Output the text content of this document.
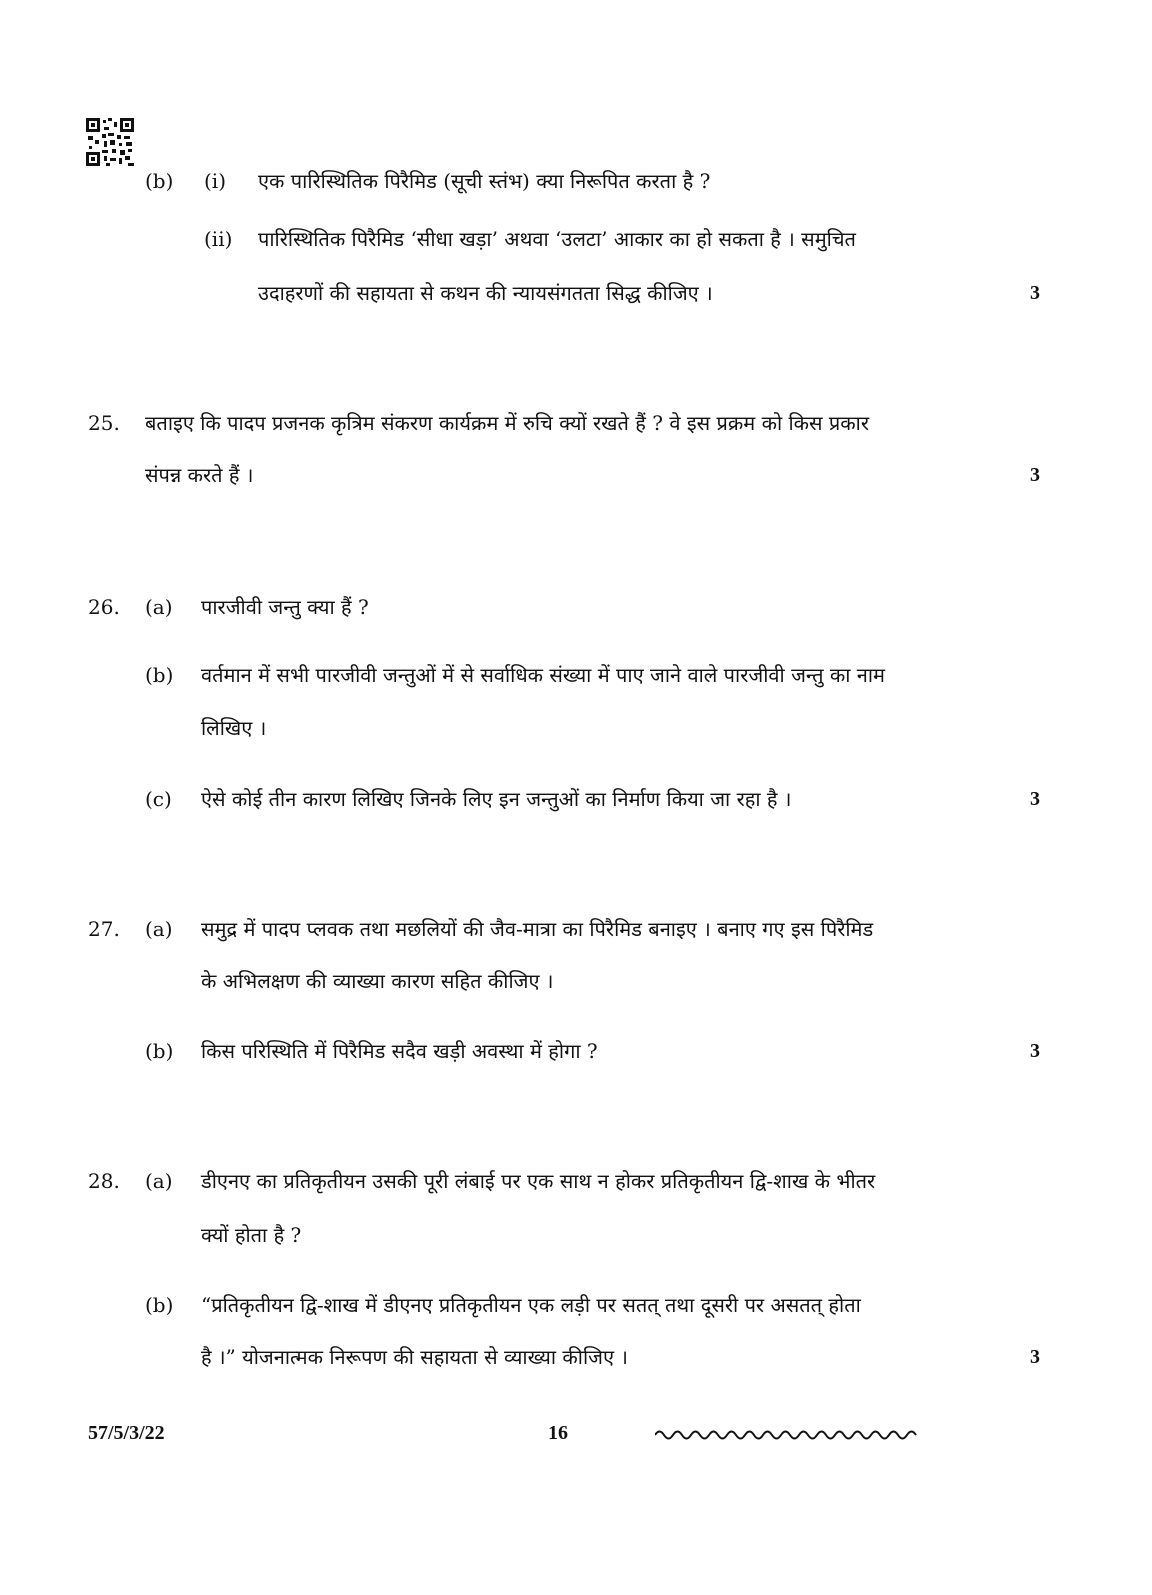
(b) (i) एक पारिस्थितिक पिरैमिड (सूची स्तंभ) क्या निरूपित करता है ?
(ii) पारिस्थितिक पिरैमिड ‘सीधा खड़ा’ अथवा ‘उलटा’ आकार का हो सकता है । समुचित
उदाहरणों की सहायता से कथन की न्यायसंगतता सिद्ध कीजिए ।	3
25. बताइए कि पादप प्रजनक कृत्रिम संकरण कार्यक्रम में रुचि क्यों रखते हैं ? वे इस प्रक्रम को किस प्रकार
संपन्न करते हैं ।	3
26. (a) पारजीवी जन्तु क्या हैं ?
(b) वर्तमान में सभी पारजीवी जन्तुओं में से सर्वाधिक संख्या में पाए जाने वाले पारजीवी जन्तु का नाम
लिखिए ।
(c) ऐसे कोई तीन कारण लिखिए जिनके लिए इन जन्तुओं का निर्माण किया जा रहा है ।	3
27. (a) समुद्र में पादप प्लवक तथा मछलियों की जैव-मात्रा का पिरैमिड बनाइए । बनाए गए इस पिरैमिड
के अभिलक्षण की व्याख्या कारण सहित कीजिए ।
(b) किस परिस्थिति में पिरैमिड सदैव खड़ी अवस्था में होगा ?	3
28. (a) डीएनए का प्रतिकृतीयन उसकी पूरी लंबाई पर एक साथ न होकर प्रतिकृतीयन द्वि-शाख के भीतर
क्यों होता है ?
(b) “प्रतिकृतीयन द्वि-शाख में डीएनए प्रतिकृतीयन एक लड़ी पर सतत् तथा दूसरी पर असतत् होता
है ।” योजनात्मक निरूपण की सहायता से व्याख्या कीजिए ।	3
57/5/3/22	16
